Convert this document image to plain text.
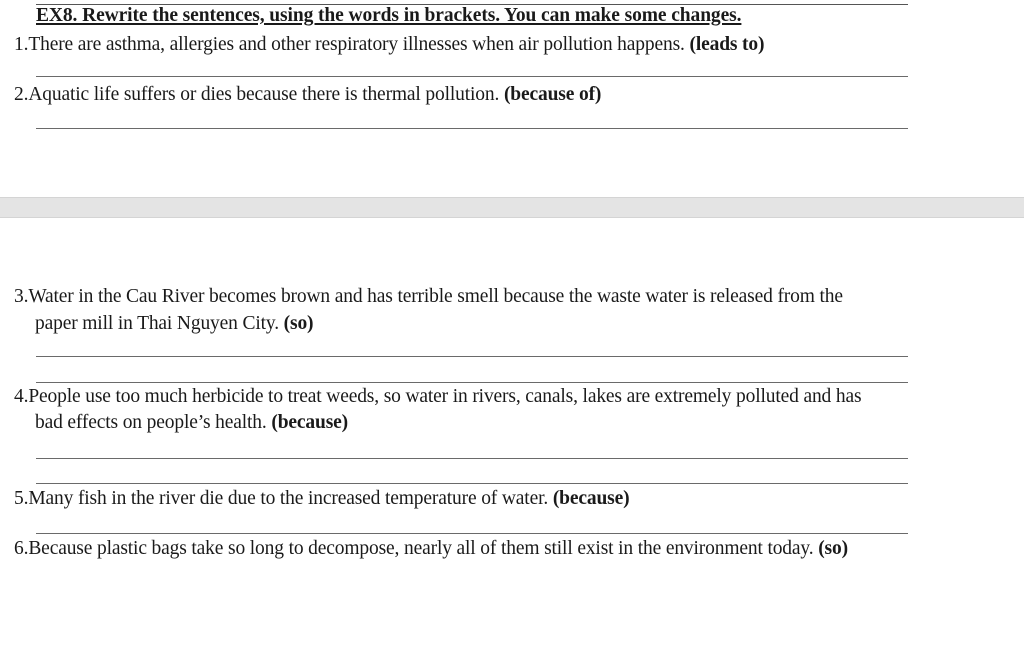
EX8. Rewrite the sentences, using the words in brackets. You can make some changes.
1.There are asthma, allergies and other respiratory illnesses when air pollution happens. (leads to)
2.Aquatic life suffers or dies because there is thermal pollution. (because of)
3.Water in the Cau River becomes brown and has terrible smell because the waste water is released from the
paper mill in Thai Nguyen City. (so)
4.People use too much herbicide to treat weeds, so water in rivers, canals, lakes are extremely polluted and has
bad effects on people’s health. (because)
5.Many fish in the river die due to the increased temperature of water. (because)
6.Because plastic bags take so long to decompose, nearly all of them still exist in the environment today. (so)
